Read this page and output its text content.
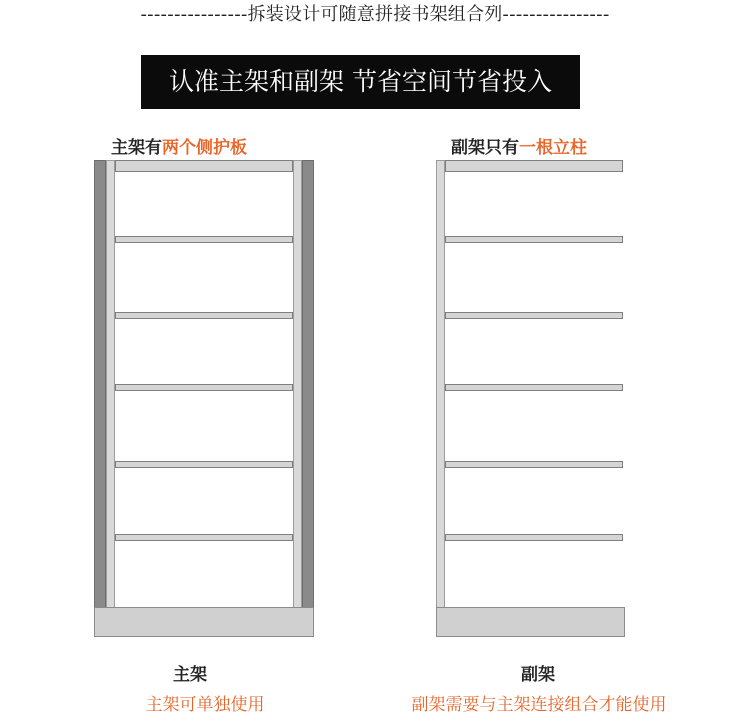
----------------拆装设计可随意拼接书架组合列----------------
认准主架和副架 节省空间节省投入
主架有两个侧护板	副架只有一根立柱
主架
主架可单独使用
副架
副架需要与主架连接组合才能使用
